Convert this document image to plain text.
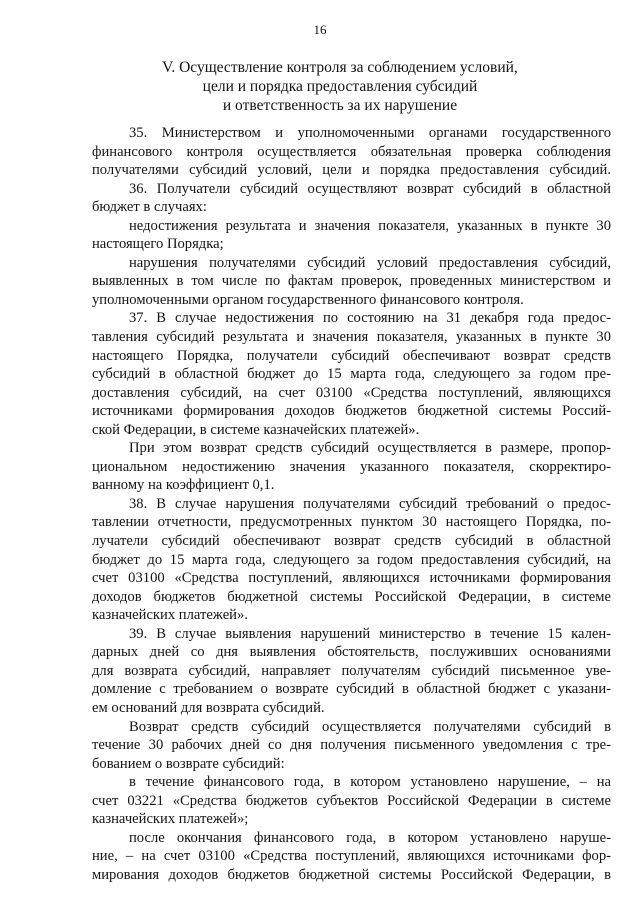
16
V. Осуществление контроля за соблюдением условий,
цели и порядка предоставления субсидий
и ответственность за их нарушение
35. Министерством и уполномоченными органами государственного
финансового контроля осуществляется обязательная проверка соблюдения
получателями субсидий условий, цели и порядка предоставления субсидий.
36. Получатели субсидий осуществляют возврат субсидий в областной
бюджет в случаях:
недостижения результата и значения показателя, указанных в пункте 30
настоящего Порядка;
нарушения получателями субсидий условий предоставления субсидий,
выявленных в том числе по фактам проверок, проведенных министерством и
уполномоченными органом государственного финансового контроля.
37. В случае недостижения по состоянию на 31 декабря года предос-
тавления субсидий результата и значения показателя, указанных в пункте 30
настоящего Порядка, получатели субсидий обеспечивают возврат средств
субсидий в областной бюджет до 15 марта года, следующего за годом пре-
доставления субсидий, на счет 03100 «Средства поступлений, являющихся
источниками формирования доходов бюджетов бюджетной системы Россий-
ской Федерации, в системе казначейских платежей».
При этом возврат средств субсидий осуществляется в размере, пропор-
циональном недостижению значения указанного показателя, скорректиро-
ванному на коэффициент 0,1.
38. В случае нарушения получателями субсидий требований о предос-
тавлении отчетности, предусмотренных пунктом 30 настоящего Порядка, по-
лучатели субсидий обеспечивают возврат средств субсидий в областной
бюджет до 15 марта года, следующего за годом предоставления субсидий, на
счет 03100 «Средства поступлений, являющихся источниками формирования
доходов бюджетов бюджетной системы Российской Федерации, в системе
казначейских платежей».
39. В случае выявления нарушений министерство в течение 15 кален-
дарных дней со дня выявления обстоятельств, послуживших основаниями
для возврата субсидий, направляет получателям субсидий письменное уве-
домление с требованием о возврате субсидий в областной бюджет с указани-
ем оснований для возврата субсидий.
Возврат средств субсидий осуществляется получателями субсидий в
течение 30 рабочих дней со дня получения письменного уведомления с тре-
бованием о возврате субсидий:
в течение финансового года, в котором установлено нарушение, – на
счет 03221 «Средства бюджетов субъектов Российской Федерации в системе
казначейских платежей»;
после окончания финансового года, в котором установлено наруше-
ние, – на счет 03100 «Средства поступлений, являющихся источниками фор-
мирования доходов бюджетов бюджетной системы Российской Федерации, в
